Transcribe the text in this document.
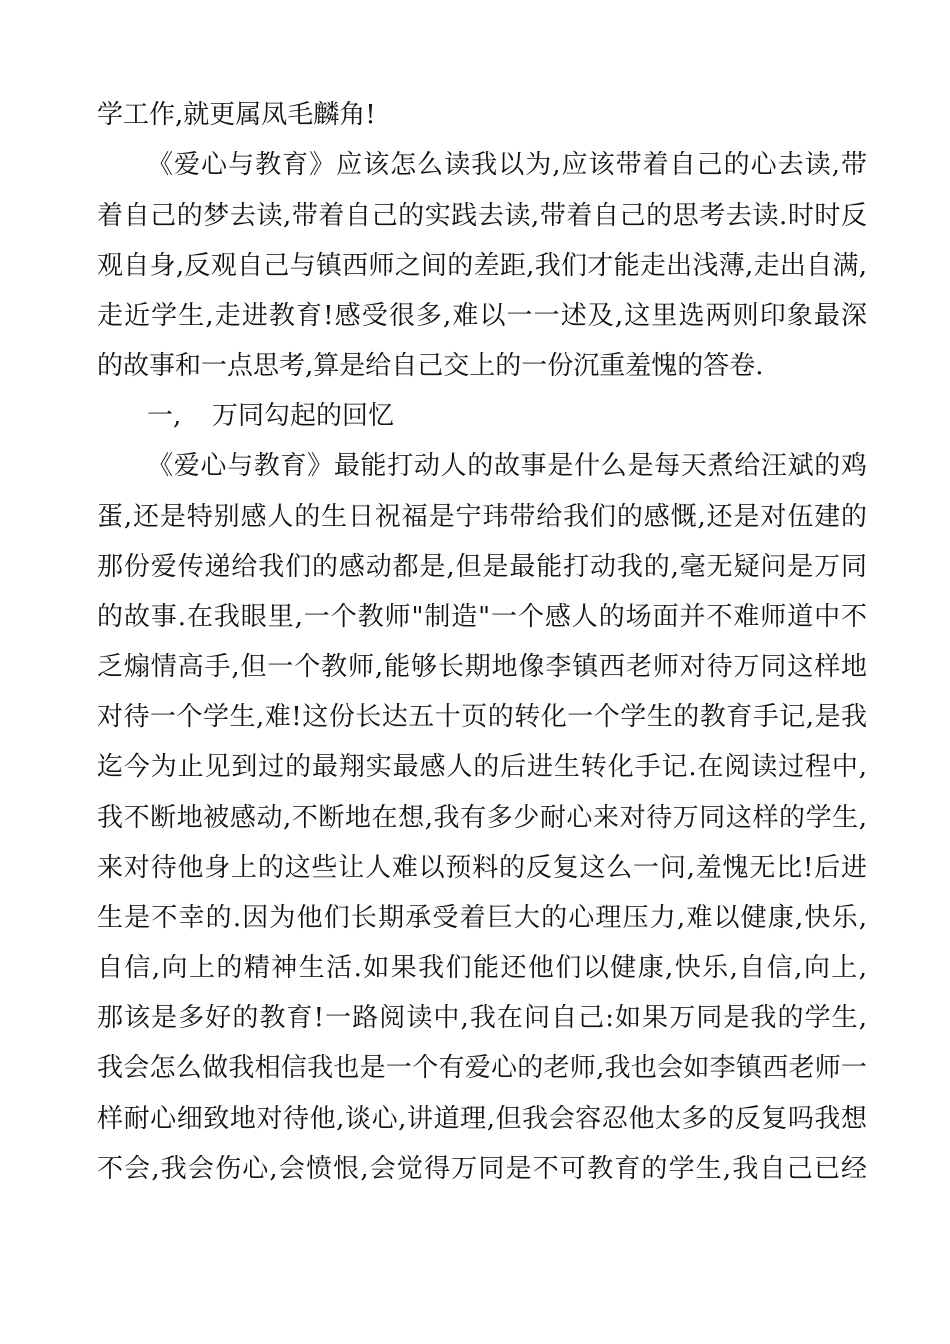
学工作,就更属凤毛麟角!
《爱心与教育》应该怎么读我以为,应该带着自己的心去读,带
着自己的梦去读,带着自己的实践去读,带着自己的思考去读.时时反
观自身,反观自己与镇西师之间的差距,我们才能走出浅薄,走出自满,
走近学生,走进教育!感受很多,难以一一述及,这里选两则印象最深
的故事和一点思考,算是给自己交上的一份沉重羞愧的答卷.
一, 万同勾起的回忆
《爱心与教育》最能打动人的故事是什么是每天煮给汪斌的鸡
蛋,还是特别感人的生日祝福是宁玮带给我们的感慨,还是对伍建的
那份爱传递给我们的感动都是,但是最能打动我的,毫无疑问是万同
的故事.在我眼里,一个教师"制造"一个感人的场面并不难师道中不
乏煽情高手,但一个教师,能够长期地像李镇西老师对待万同这样地
对待一个学生,难!这份长达五十页的转化一个学生的教育手记,是我
迄今为止见到过的最翔实最感人的后进生转化手记.在阅读过程中,
我不断地被感动,不断地在想,我有多少耐心来对待万同这样的学生,
来对待他身上的这些让人难以预料的反复这么一问,羞愧无比!后进
生是不幸的.因为他们长期承受着巨大的心理压力,难以健康,快乐,
自信,向上的精神生活.如果我们能还他们以健康,快乐,自信,向上,
那该是多好的教育!一路阅读中,我在问自己:如果万同是我的学生,
我会怎么做我相信我也是一个有爱心的老师,我也会如李镇西老师一
样耐心细致地对待他,谈心,讲道理,但我会容忍他太多的反复吗我想
不会,我会伤心,会愤恨,会觉得万同是不可教育的学生,我自己已经
